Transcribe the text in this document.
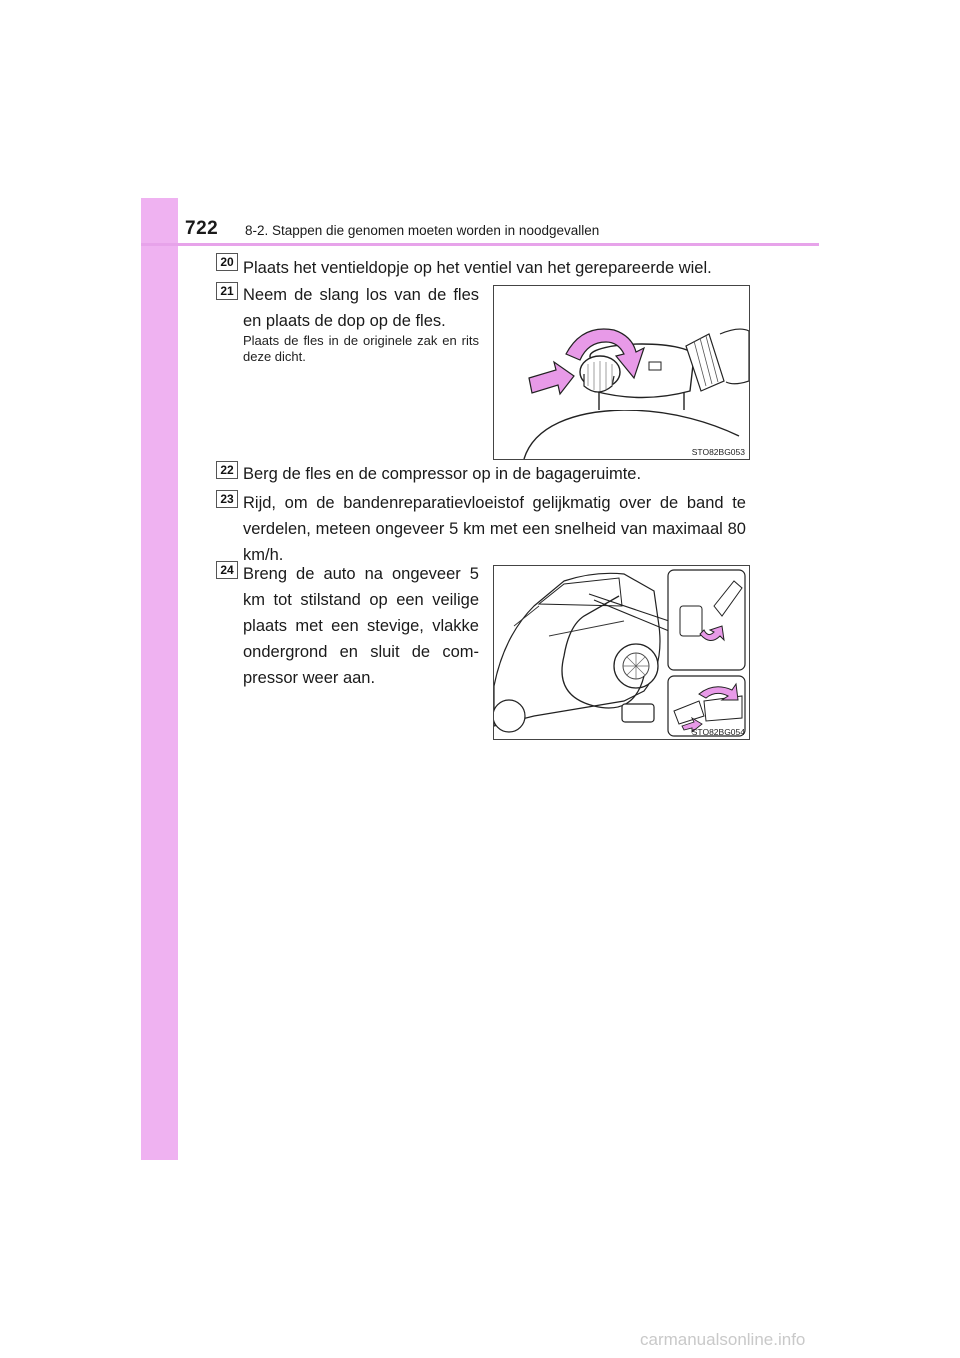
722 8-2. Stappen die genomen moeten worden in noodgevallen
20 Plaats het ventieldopje op het ventiel van het gerepareerde wiel.
21 Neem de slang los van de fles en plaats de dop op de fles.
Plaats de fles in de originele zak en rits deze dicht.
STO82BG053
22 Berg de fles en de compressor op in de bagageruimte.
23 Rijd, om de bandenreparatievloeistof gelijkmatig over de band te verdelen, meteen ongeveer 5 km met een snelheid van maximaal 80 km/h.
24 Breng de auto na ongeveer 5 km tot stilstand op een veilige plaats met een stevige, vlakke ondergrond en sluit de com- pressor weer aan.
STO82BG054
carmanualsonline.info
